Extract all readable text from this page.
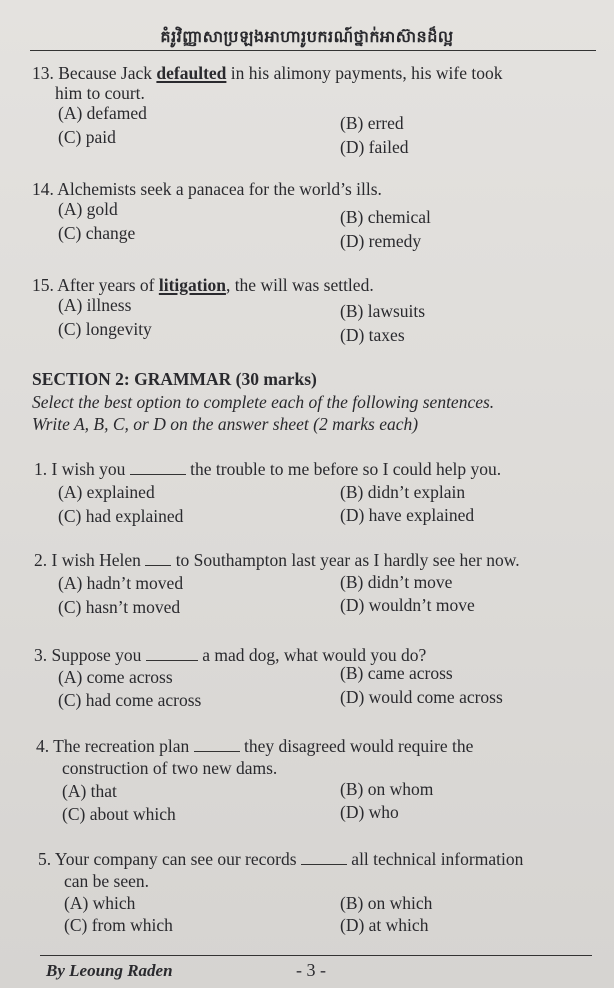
គំរូវិញ្ញាសាប្រឡងអាហារូបករណ៍ថ្នាក់អាស៊ានដ៏ល្អ
13. Because Jack defaulted in his alimony payments, his wife took
him to court.
(A) defamed	(B) erred
(C) paid	(D) failed
14. Alchemists seek a panacea for the world’s ills.
(A) gold	(B) chemical
(C) change	(D) remedy
15. After years of litigation, the will was settled.
(A) illness	(B) lawsuits
(C) longevity	(D) taxes
SECTION 2: GRAMMAR (30 marks)
Select the best option to complete each of the following sentences.
Write A, B, C, or D on the answer sheet (2 marks each)
1. I wish you	the trouble to me before so I could help you.
(A) explained	(B) didn’t explain
(C) had explained	(D) have explained
2. I wish Helen to Southampton last year as I hardly see her now.
(A) hadn’t moved	(B) didn’t move
(C) hasn’t moved	(D) wouldn’t move
3. Suppose you	a mad dog, what would you do?
(A) come across	(B) came across
(C) had come across	(D) would come across
4. The recreation plan	they disagreed would require the
construction of two new dams.
(A) that	(B) on whom
(C) about which	(D) who
5. Your company can see our records	all technical information
can be seen.
(A) which	(B) on which
(C) from which	(D) at which
By Leoung Raden	- 3 -
